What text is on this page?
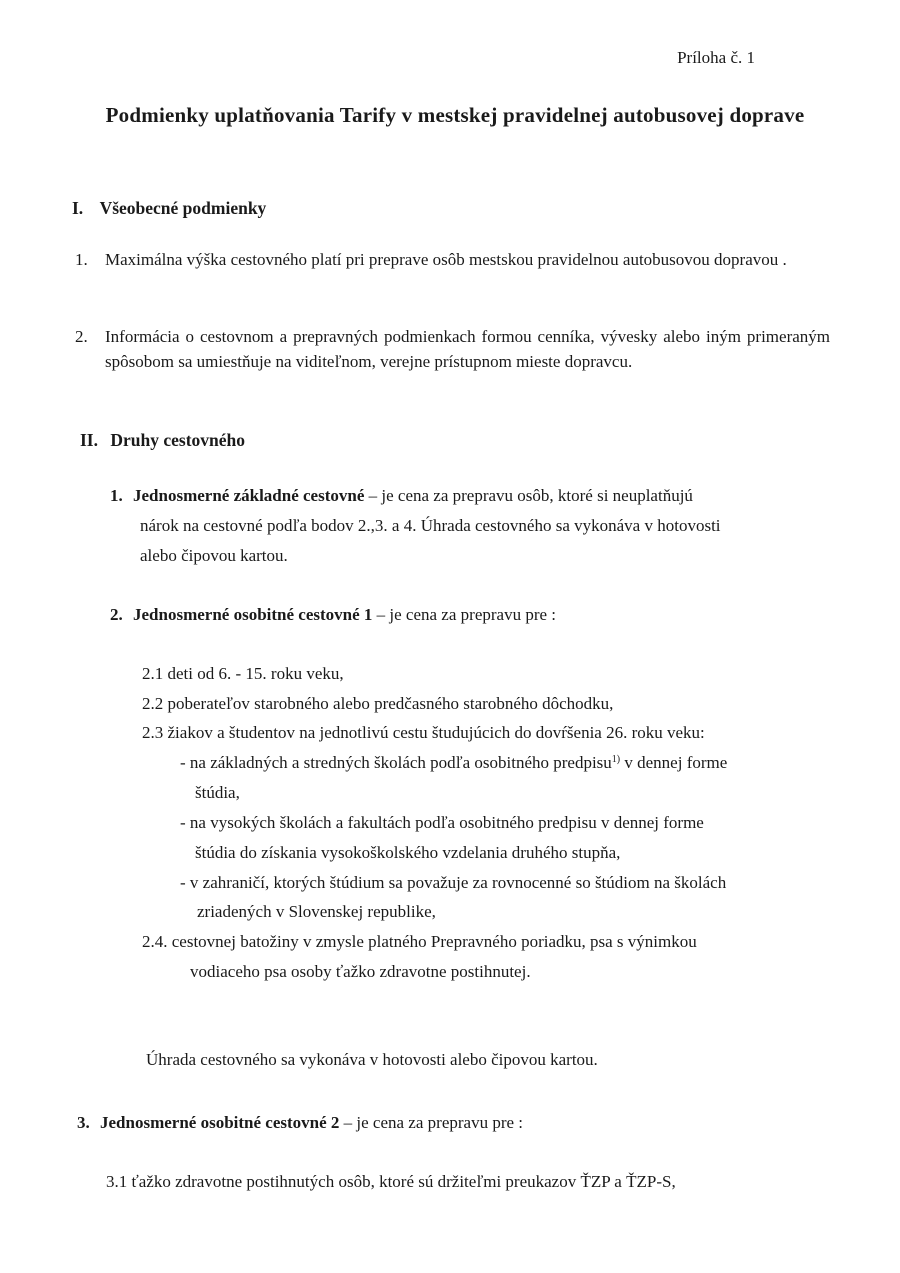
Príloha č. 1
Podmienky uplatňovania Tarify v mestskej pravidelnej autobusovej doprave
I. Všeobecné podmienky
1. Maximálna výška cestovného platí pri preprave osôb mestskou pravidelnou autobusovou dopravou .
2. Informácia o cestovnom a prepravných podmienkach formou cenníka, vývesky alebo iným primeraným spôsobom sa umiestňuje na viditeľnom, verejne prístupnom mieste dopravcu.
II. Druhy cestovného
1. Jednosmerné základné cestovné – je cena za prepravu osôb, ktoré si neuplatňujú
nárok na cestovné podľa bodov 2.,3. a 4. Úhrada cestovného sa vykonáva v hotovosti
alebo čipovou kartou.
2. Jednosmerné osobitné cestovné 1 – je cena za prepravu pre :
2.1 deti od 6. - 15. roku veku,
2.2 poberateľov starobného alebo predčasného starobného dôchodku,
2.3 žiakov a študentov na jednotlivú cestu študujúcich do dovŕšenia 26. roku veku:
- na základných a stredných školách podľa osobitného predpisu$^{1)}$ v dennej forme
štúdia,
- na vysokých školách a fakultách podľa osobitného predpisu v dennej forme
štúdia do získania vysokoškolského vzdelania druhého stupňa,
- v zahraničí, ktorých štúdium sa považuje za rovnocenné so štúdiom na školách
zriadených v Slovenskej republike,
2.4. cestovnej batožiny v zmysle platného Prepravného poriadku, psa s výnimkou
vodiaceho psa osoby ťažko zdravotne postihnutej.
Úhrada cestovného sa vykonáva v hotovosti alebo čipovou kartou.
3. Jednosmerné osobitné cestovné 2 – je cena za prepravu pre :
3.1 ťažko zdravotne postihnutých osôb, ktoré sú držiteľmi preukazov ŤZP a ŤZP-S,
